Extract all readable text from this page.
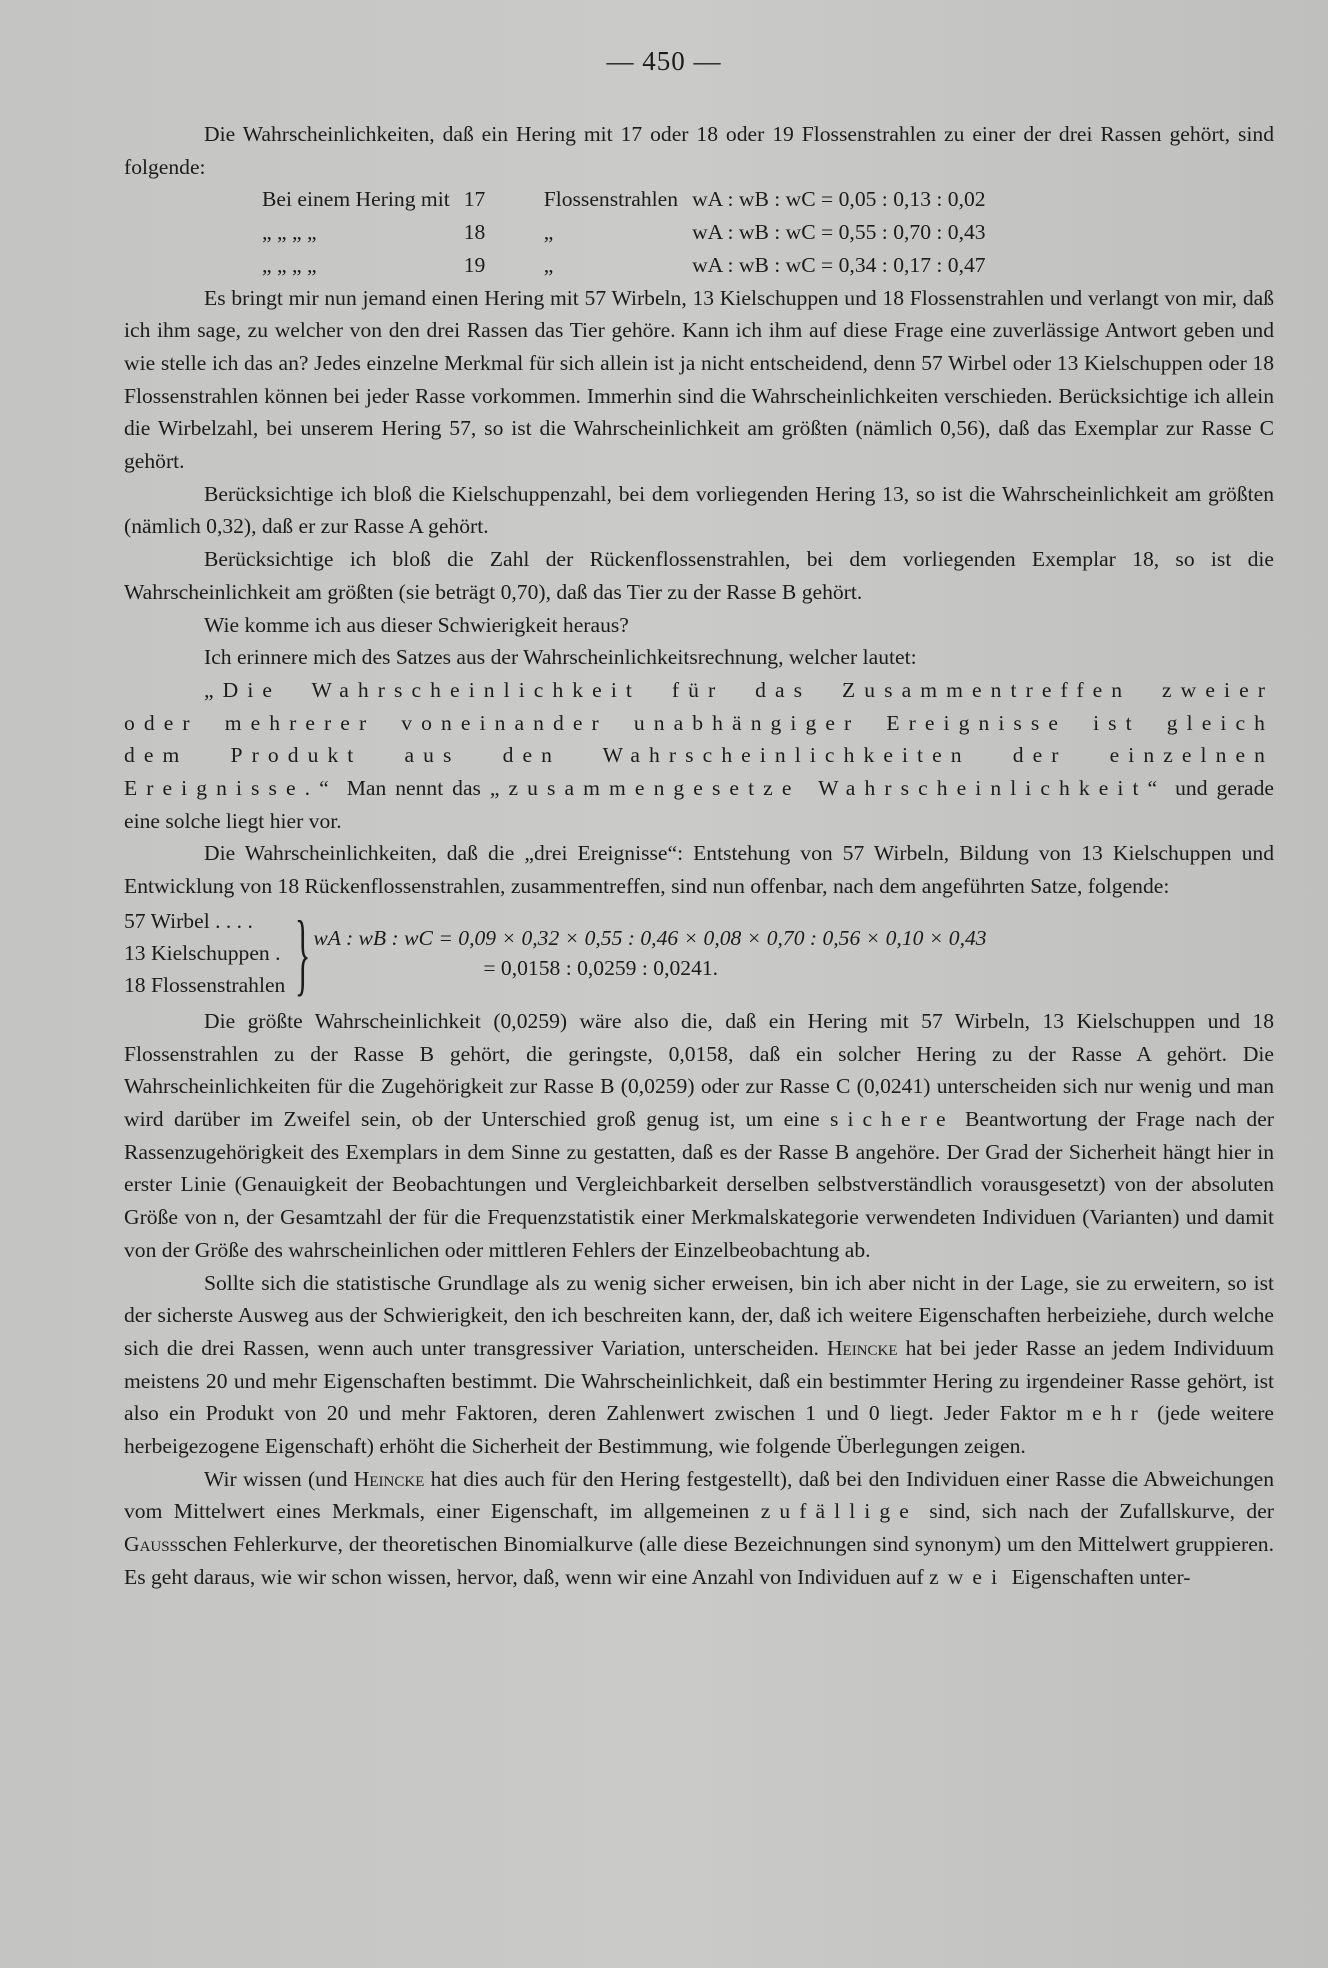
— 450 —

Die Wahrscheinlichkeiten, daß ein Hering mit 17 oder 18 oder 19 Flossenstrahlen zu einer der drei Rassen gehört, sind folgende:

Bei einem Hering mit	17	Flossenstrahlen	wA : wB : wC = 0,05 : 0,13 : 0,02
„ „ „ „	18	„	wA : wB : wC = 0,55 : 0,70 : 0,43
„ „ „ „	19	„	wA : wB : wC = 0,34 : 0,17 : 0,47

Es bringt mir nun jemand einen Hering mit 57 Wirbeln, 13 Kielschuppen und 18 Flossenstrahlen und verlangt von mir, daß ich ihm sage, zu welcher von den drei Rassen das Tier gehöre. Kann ich ihm auf diese Frage eine zuverlässige Antwort geben und wie stelle ich das an? Jedes einzelne Merkmal für sich allein ist ja nicht entscheidend, denn 57 Wirbel oder 13 Kielschuppen oder 18 Flossenstrahlen können bei jeder Rasse vorkommen. Immerhin sind die Wahrscheinlichkeiten verschieden. Berücksichtige ich allein die Wirbelzahl, bei unserem Hering 57, so ist die Wahrscheinlichkeit am größten (nämlich 0,56), daß das Exemplar zur Rasse C gehört.

Berücksichtige ich bloß die Kielschuppenzahl, bei dem vorliegenden Hering 13, so ist die Wahrscheinlichkeit am größten (nämlich 0,32), daß er zur Rasse A gehört.

Berücksichtige ich bloß die Zahl der Rückenflossenstrahlen, bei dem vorliegenden Exemplar 18, so ist die Wahrscheinlichkeit am größten (sie beträgt 0,70), daß das Tier zu der Rasse B gehört.

Wie komme ich aus dieser Schwierigkeit heraus?

Ich erinnere mich des Satzes aus der Wahrscheinlichkeitsrechnung, welcher lautet:

„Die Wahrscheinlichkeit für das Zusammentreffen zweier oder mehrerer voneinander unabhängiger Ereignisse ist gleich dem Produkt aus den Wahrscheinlichkeiten der einzelnen Ereignisse.“ Man nennt das „zusammengesetze Wahrscheinlichkeit“ und gerade eine solche liegt hier vor.

Die Wahrscheinlichkeiten, daß die „drei Ereignisse“: Entstehung von 57 Wirbeln, Bildung von 13 Kielschuppen und Entwicklung von 18 Rückenflossenstrahlen, zusammentreffen, sind nun offenbar, nach dem angeführten Satze, folgende:

57 Wirbel . . . .
13 Kielschuppen .
18 Flossenstrahlen } wA : wB : wC = 0,09 × 0,32 × 0,55 : 0,46 × 0,08 × 0,70 : 0,56 × 0,10 × 0,43
= 0,0158 : 0,0259 : 0,0241.

Die größte Wahrscheinlichkeit (0,0259) wäre also die, daß ein Hering mit 57 Wirbeln, 13 Kielschuppen und 18 Flossenstrahlen zu der Rasse B gehört, die geringste, 0,0158, daß ein solcher Hering zu der Rasse A gehört. Die Wahrscheinlichkeiten für die Zugehörigkeit zur Rasse B (0,0259) oder zur Rasse C (0,0241) unterscheiden sich nur wenig und man wird darüber im Zweifel sein, ob der Unterschied groß genug ist, um eine sichere Beantwortung der Frage nach der Rassenzugehörigkeit des Exemplars in dem Sinne zu gestatten, daß es der Rasse B angehöre. Der Grad der Sicherheit hängt hier in erster Linie (Genauigkeit der Beobachtungen und Vergleichbarkeit derselben selbstverständlich vorausgesetzt) von der absoluten Größe von n, der Gesamtzahl der für die Frequenzstatistik einer Merkmalskategorie verwendeten Individuen (Varianten) und damit von der Größe des wahrscheinlichen oder mittleren Fehlers der Einzelbeobachtung ab.

Sollte sich die statistische Grundlage als zu wenig sicher erweisen, bin ich aber nicht in der Lage, sie zu erweitern, so ist der sicherste Ausweg aus der Schwierigkeit, den ich beschreiten kann, der, daß ich weitere Eigenschaften herbeiziehe, durch welche sich die drei Rassen, wenn auch unter transgressiver Variation, unterscheiden. Heincke hat bei jeder Rasse an jedem Individuum meistens 20 und mehr Eigenschaften bestimmt. Die Wahrscheinlichkeit, daß ein bestimmter Hering zu irgendeiner Rasse gehört, ist also ein Produkt von 20 und mehr Faktoren, deren Zahlenwert zwischen 1 und 0 liegt. Jeder Faktor mehr (jede weitere herbeigezogene Eigenschaft) erhöht die Sicherheit der Bestimmung, wie folgende Überlegungen zeigen.

Wir wissen (und Heincke hat dies auch für den Hering festgestellt), daß bei den Individuen einer Rasse die Abweichungen vom Mittelwert eines Merkmals, einer Eigenschaft, im allgemeinen zufällige sind, sich nach der Zufallskurve, der Gaussschen Fehlerkurve, der theoretischen Binomialkurve (alle diese Bezeichnungen sind synonym) um den Mittelwert gruppieren. Es geht daraus, wie wir schon wissen, hervor, daß, wenn wir eine Anzahl von Individuen auf zwei Eigenschaften unter-
